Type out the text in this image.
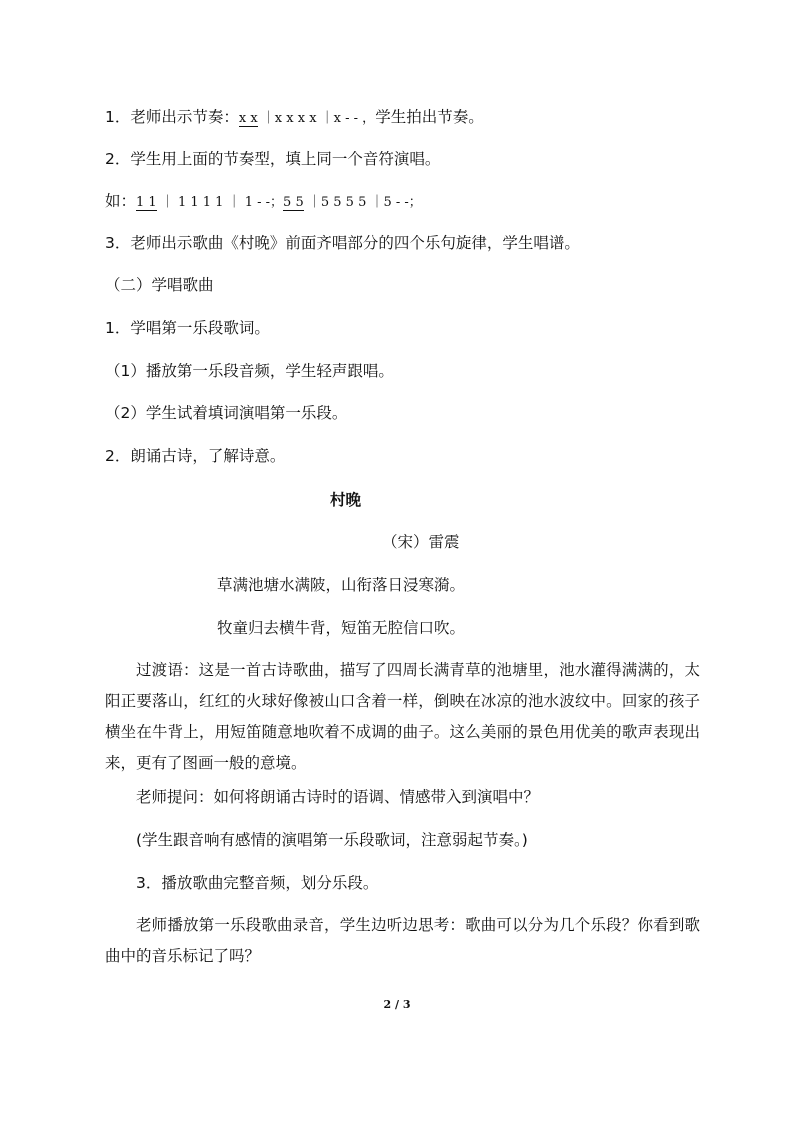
1．老师出示节奏：x x ｜x x x x ｜x - - ，学生拍出节奏。
2．学生用上面的节奏型，填上同一个音符演唱。
如：1 1 ｜ 1 1 1 1 ｜ 1 - -；5 5 ｜5 5 5 5 ｜5 - -；
3．老师出示歌曲《村晚》前面齐唱部分的四个乐句旋律，学生唱谱。
（二）学唱歌曲
1．学唱第一乐段歌词。
（1）播放第一乐段音频，学生轻声跟唱。
（2）学生试着填词演唱第一乐段。
2．朗诵古诗，了解诗意。
村晚
（宋）雷震
草满池塘水满陂，山衔落日浸寒漪。
牧童归去横牛背，短笛无腔信口吹。
过渡语：这是一首古诗歌曲，描写了四周长满青草的池塘里，池水灌得满满的，太阳正要落山，红红的火球好像被山口含着一样，倒映在冰凉的池水波纹中。回家的孩子横坐在牛背上，用短笛随意地吹着不成调的曲子。这么美丽的景色用优美的歌声表现出来，更有了图画一般的意境。
老师提问：如何将朗诵古诗时的语调、情感带入到演唱中？
(学生跟音响有感情的演唱第一乐段歌词，注意弱起节奏。)
3．播放歌曲完整音频，划分乐段。
老师播放第一乐段歌曲录音，学生边听边思考：歌曲可以分为几个乐段？你看到歌曲中的音乐标记了吗？
2 / 3
